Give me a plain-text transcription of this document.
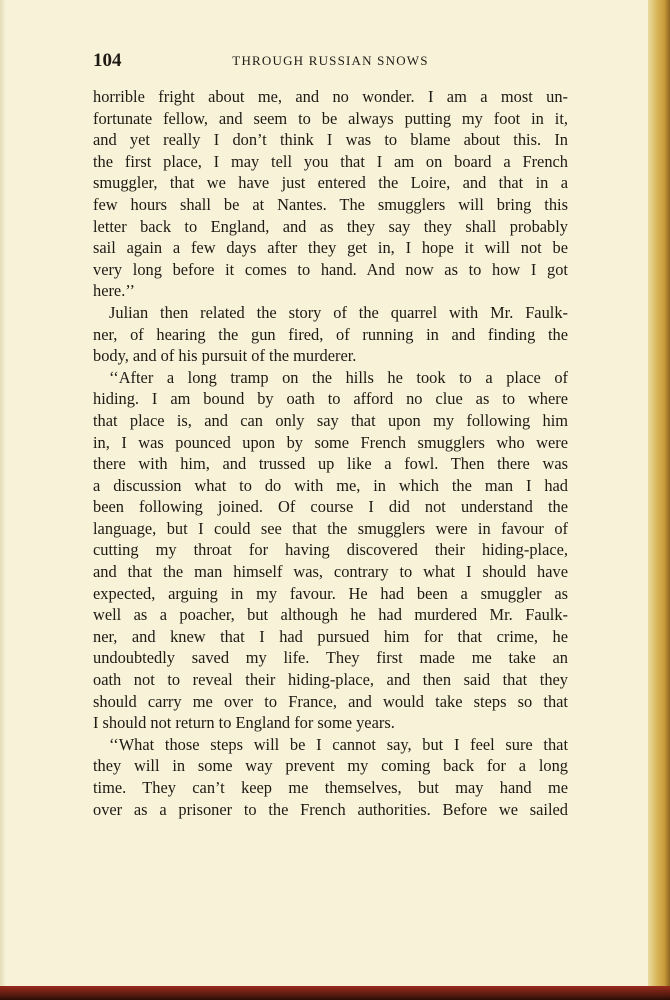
104	THROUGH RUSSIAN SNOWS
horrible fright about me, and no wonder. I am a most un-
fortunate fellow, and seem to be always putting my foot in it,
and yet really I don’t think I was to blame about this. In
the first place, I may tell you that I am on board a French
smuggler, that we have just entered the Loire, and that in a
few hours shall be at Nantes. The smugglers will bring this
letter back to England, and as they say they shall probably
sail again a few days after they get in, I hope it will not be
very long before it comes to hand. And now as to how I got
here.’’
Julian then related the story of the quarrel with Mr. Faulk-
ner, of hearing the gun fired, of running in and finding the
body, and of his pursuit of the murderer.
‘‘After a long tramp on the hills he took to a place of
hiding. I am bound by oath to afford no clue as to where
that place is, and can only say that upon my following him
in, I was pounced upon by some French smugglers who were
there with him, and trussed up like a fowl. Then there was
a discussion what to do with me, in which the man I had
been following joined. Of course I did not understand the
language, but I could see that the smugglers were in favour of
cutting my throat for having discovered their hiding-place,
and that the man himself was, contrary to what I should have
expected, arguing in my favour. He had been a smuggler as
well as a poacher, but although he had murdered Mr. Faulk-
ner, and knew that I had pursued him for that crime, he
undoubtedly saved my life. They first made me take an
oath not to reveal their hiding-place, and then said that they
should carry me over to France, and would take steps so that
I should not return to England for some years.
‘‘What those steps will be I cannot say, but I feel sure that
they will in some way prevent my coming back for a long
time. They can’t keep me themselves, but may hand me
over as a prisoner to the French authorities. Before we sailed
